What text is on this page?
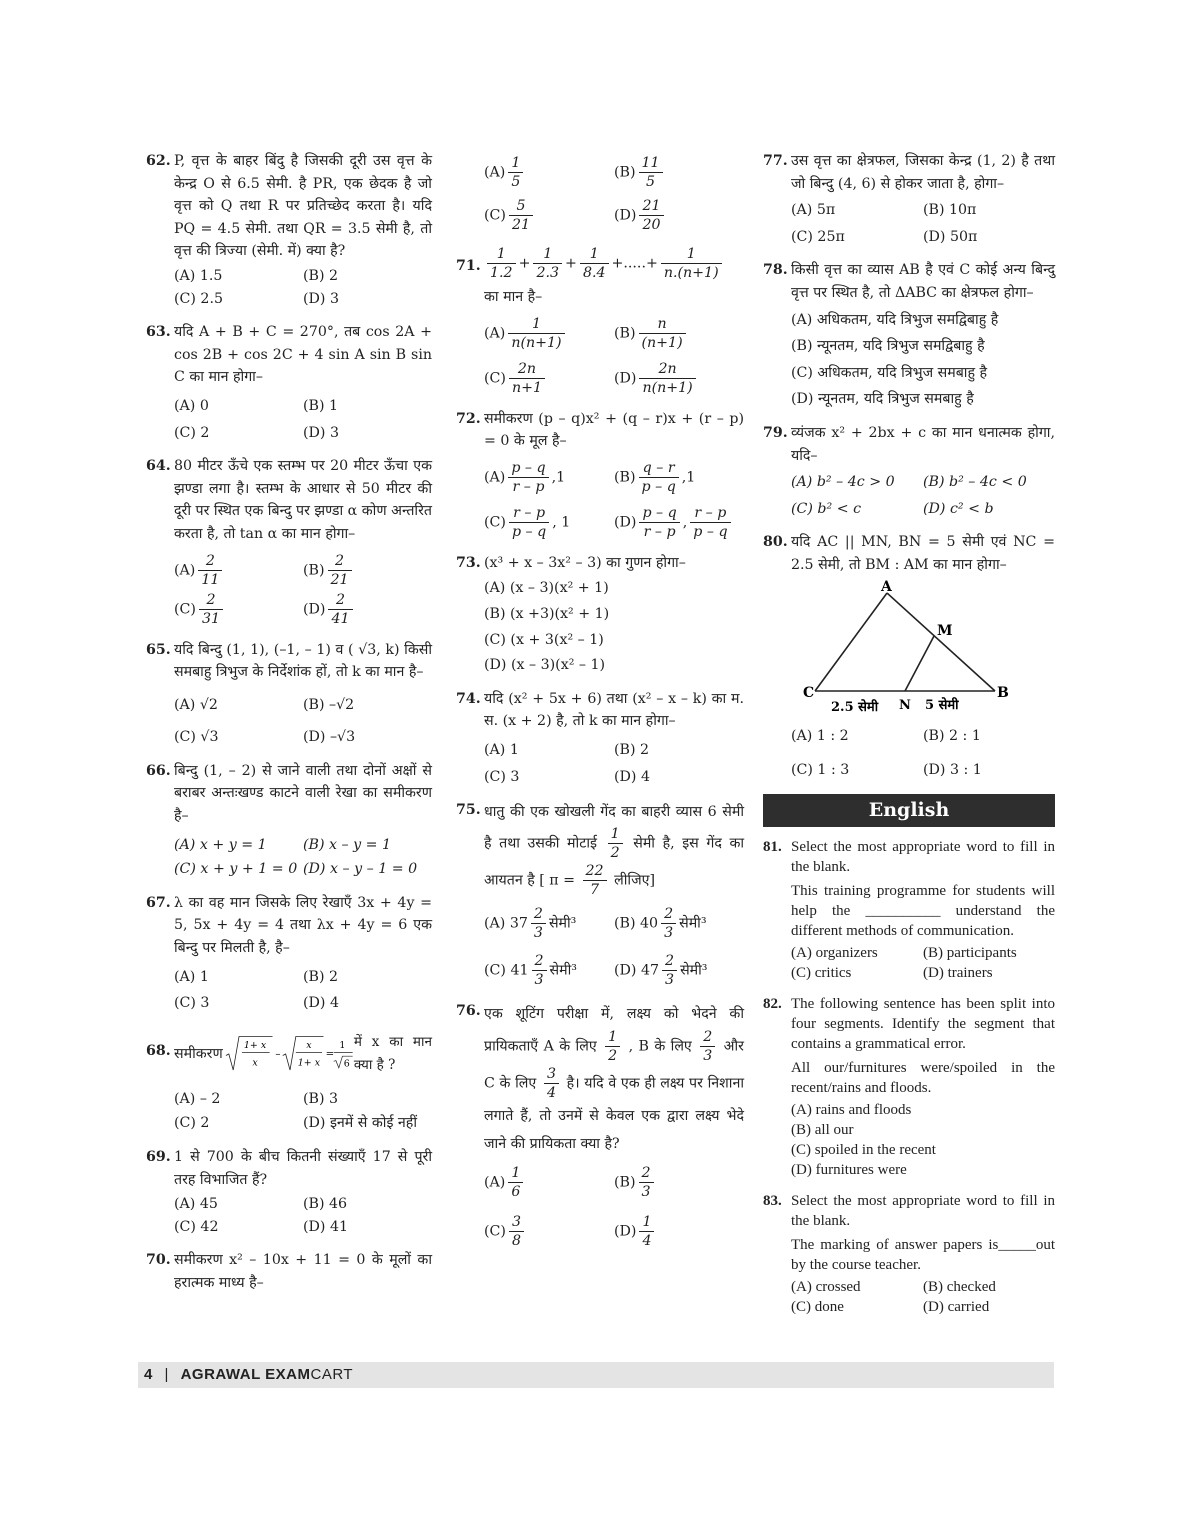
62. P, वृत्त के बाहर बिंदु है जिसकी दूरी उस वृत्त के केन्द्र O से 6.5 सेमी. है PR, एक छेदक है जो वृत्त को Q तथा R पर प्रतिच्छेद करता है। यदि PQ = 4.5 सेमी. तथा QR = 3.5 सेमी है, तो वृत्त की त्रिज्या (सेमी. में) क्या है?
(A) 1.5	(B) 2
(C) 2.5	(D) 3
63. यदि A + B + C = 270°, तब cos 2A + cos 2B + cos 2C + 4 sin A sin B sin C का मान होगा–
(A) 0	(B) 1
(C) 2	(D) 3
64. 80 मीटर ऊँचे एक स्तम्भ पर 20 मीटर ऊँचा एक झण्डा लगा है। स्तम्भ के आधार से 50 मीटर की दूरी पर स्थित एक बिन्दु पर झण्डा α कोण अन्तरित करता है, तो tan α का मान होगा–
$(A) \frac{2}{11}$	$(B) \frac{2}{21}$
$(C) \frac{2}{31}$	$(D) \frac{2}{41}$
65. यदि बिन्दु (1, 1), (–1, – 1) व ( √3, k) किसी समबाहु त्रिभुज के निर्देशांक हों, तो k का मान है–
(A) √2	(B) –√2
(C) √3	(D) –√3
66. बिन्दु (1, – 2) से जाने वाली तथा दोनों अक्षों से बराबर अन्तःखण्ड काटने वाली रेखा का समीकरण है–
(A) x + y = 1	(B) x – y = 1
(C) x + y + 1 = 0 (D) x – y – 1 = 0
67. λ का वह मान जिसके लिए रेखाएँ 3x + 4y = 5, 5x + 4y = 4 तथा λx + 4y = 6 एक बिन्दु पर मिलती है, है–
(A) 1	(B) 2
(C) 3	(D) 4
68. समीकरण
1+ x
x
–
x
1+ x
=
1
6
में x का मान क्या है ?
(A) – 2	(B) 3
(C) 2	(D) इनमें से कोई नहीं
69. 1 से 700 के बीच कितनी संख्याएँ 17 से पूरी तरह विभाजित हैं?
(A) 45	(B) 46
(C) 42	(D) 41
70. समीकरण x² – 10x + 11 = 0 के मूलों का हरात्मक माध्य है–
$(A) \frac{1}{5}$	$(B) \frac{11}{5}$
$(C) \frac{5}{21}$	$(D) \frac{21}{20}$
71. $\frac{1}{1.2} + \frac{1}{2.3} + \frac{1}{8.4}$ +.....+ $\frac{1}{n.(n+1)}$
का मान है–
$(A) \frac{1}{n(n+1)}$	$(B) \frac{n}{(n+1)}$
$(C) \frac{2n}{n+1}$	$(D) \frac{2n}{n(n+1)}$
72. समीकरण (p – q)x² + (q – r)x + (r – p) = 0 के मूल है–
$(A) \frac{p - q}{r - p} ,1$	$(B) \frac{q - r}{p - q} ,1$
$(C) \frac{r - p}{p - q}$ , 1	$(D) \frac{p - q}{r - p}$ , $\frac{r - p}{p - q}$
73. (x³ + x – 3x² – 3) का गुणन होगा–
(A) (x – 3)(x² + 1)
(B) (x +3)(x² + 1)
(C) (x + 3(x² – 1)
(D) (x – 3)(x² – 1)
74. यदि (x² + 5x + 6) तथा (x² – x – k) का म. स. (x + 2) है, तो k का मान होगा–
(A) 1	(B) 2
(C) 3	(D) 4
75. धातु की एक खोखली गेंद का बाहरी व्यास 6 सेमी है तथा उसकी मोटाई $\frac{1}{2}$ सेमी है, इस गेंद का आयतन है [ $\pi = \frac{22}{7}$ लीजिए]
(A) $37 \frac{2}{3}$ सेमी³	(B) $40 \frac{2}{3}$ सेमी³
(C) $41 \frac{2}{3}$ सेमी³	(D) $47 \frac{2}{3}$ सेमी³
76. एक शूटिंग परीक्षा में, लक्ष्य को भेदने की प्रायिकताएँ A के लिए $\frac{1}{2}$ , B के लिए $\frac{2}{3}$ और C के लिए $\frac{3}{4}$ है। यदि वे एक ही लक्ष्य पर निशाना लगाते हैं, तो उनमें से केवल एक द्वारा लक्ष्य भेदे जाने की प्रायिकता क्या है?
$(A) \frac{1}{6}$	$(B) \frac{2}{3}$
$(C) \frac{3}{8}$	$(D) \frac{1}{4}$
77. उस वृत्त का क्षेत्रफल, जिसका केन्द्र (1, 2) है तथा जो बिन्दु (4, 6) से होकर जाता है, होगा–
(A) 5π	(B) 10π
(C) 25π	(D) 50π
78. किसी वृत्त का व्यास AB है एवं C कोई अन्य बिन्दु वृत्त पर स्थित है, तो ΔABC का क्षेत्रफल होगा–
(A) अधिकतम, यदि त्रिभुज समद्विबाहु है
(B) न्यूनतम, यदि त्रिभुज समद्विबाहु है
(C) अधिकतम, यदि त्रिभुज समबाहु है
(D) न्यूनतम, यदि त्रिभुज समबाहु है
79. व्यंजक x² + 2bx + c का मान धनात्मक होगा, यदि–
(A) b² – 4c > 0	(B) b² – 4c < 0
(C) b² < c	(D) c² < b
80. यदि AC || MN, BN = 5 सेमी एवं NC = 2.5 सेमी, तो BM : AM का मान होगा–
A
M
C	B
N
2.5 सेमी	5 सेमी
(A) 1 : 2	(B) 2 : 1
(C) 1 : 3	(D) 3 : 1
English
81. Select the most appropriate word to fill in the blank.
This training programme for students will help the __________ understand the different methods of communication.
(A) organizers	(B) participants
(C) critics	(D) trainers
82. The following sentence has been split into four segments. Identify the segment that contains a grammatical error.
All our/furnitures were/spoiled in the recent/rains and floods.
(A) rains and floods
(B) all our
(C) spoiled in the recent
(D) furnitures were
83. Select the most appropriate word to fill in the blank.
The marking of answer papers is_____out by the course teacher.
(A) crossed	(B) checked
(C) done	(D) carried
4 | AGRAWAL EXAMCART
